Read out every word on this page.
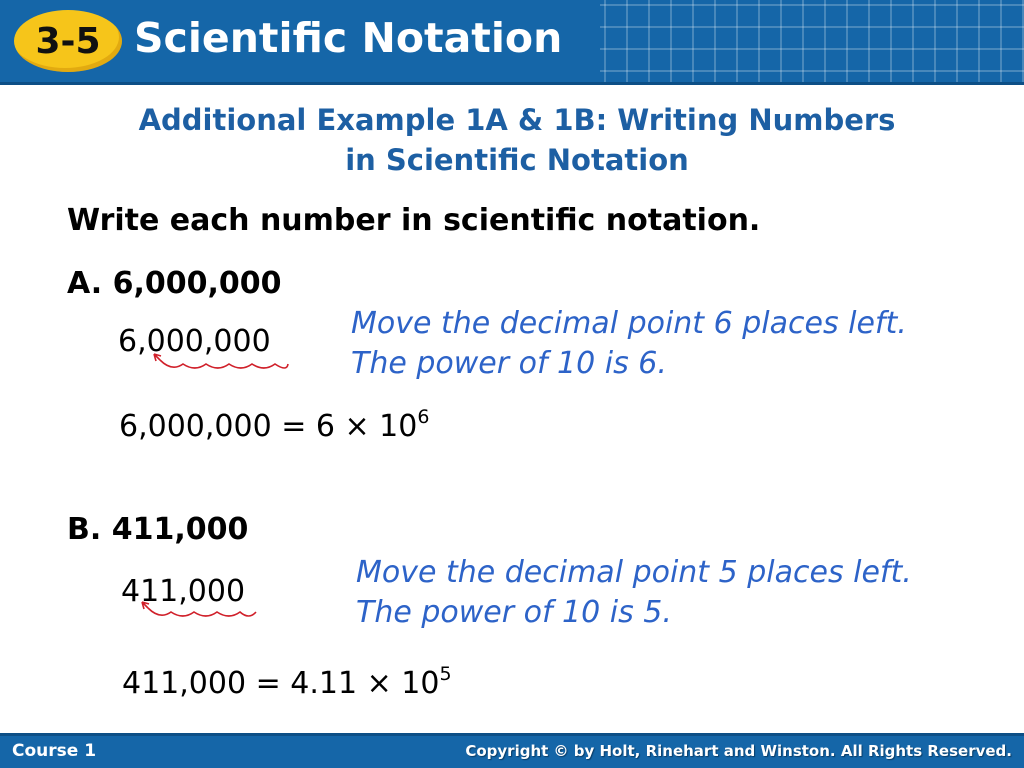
3-5 Scientific Notation
Additional Example 1A & 1B: Writing Numbers
in Scientific Notation
Write each number in scientific notation.
A. 6,000,000
6,000,000
Move the decimal point 6 places left.
The power of 10 is 6.
$6,000,000 = 6 \times 10^6$
B. 411,000
411,000
Move the decimal point 5 places left.
The power of 10 is 5.
$411,000 = 4.11 \times 10^5$
Course 1	Copyright © by Holt, Rinehart and Winston. All Rights Reserved.
